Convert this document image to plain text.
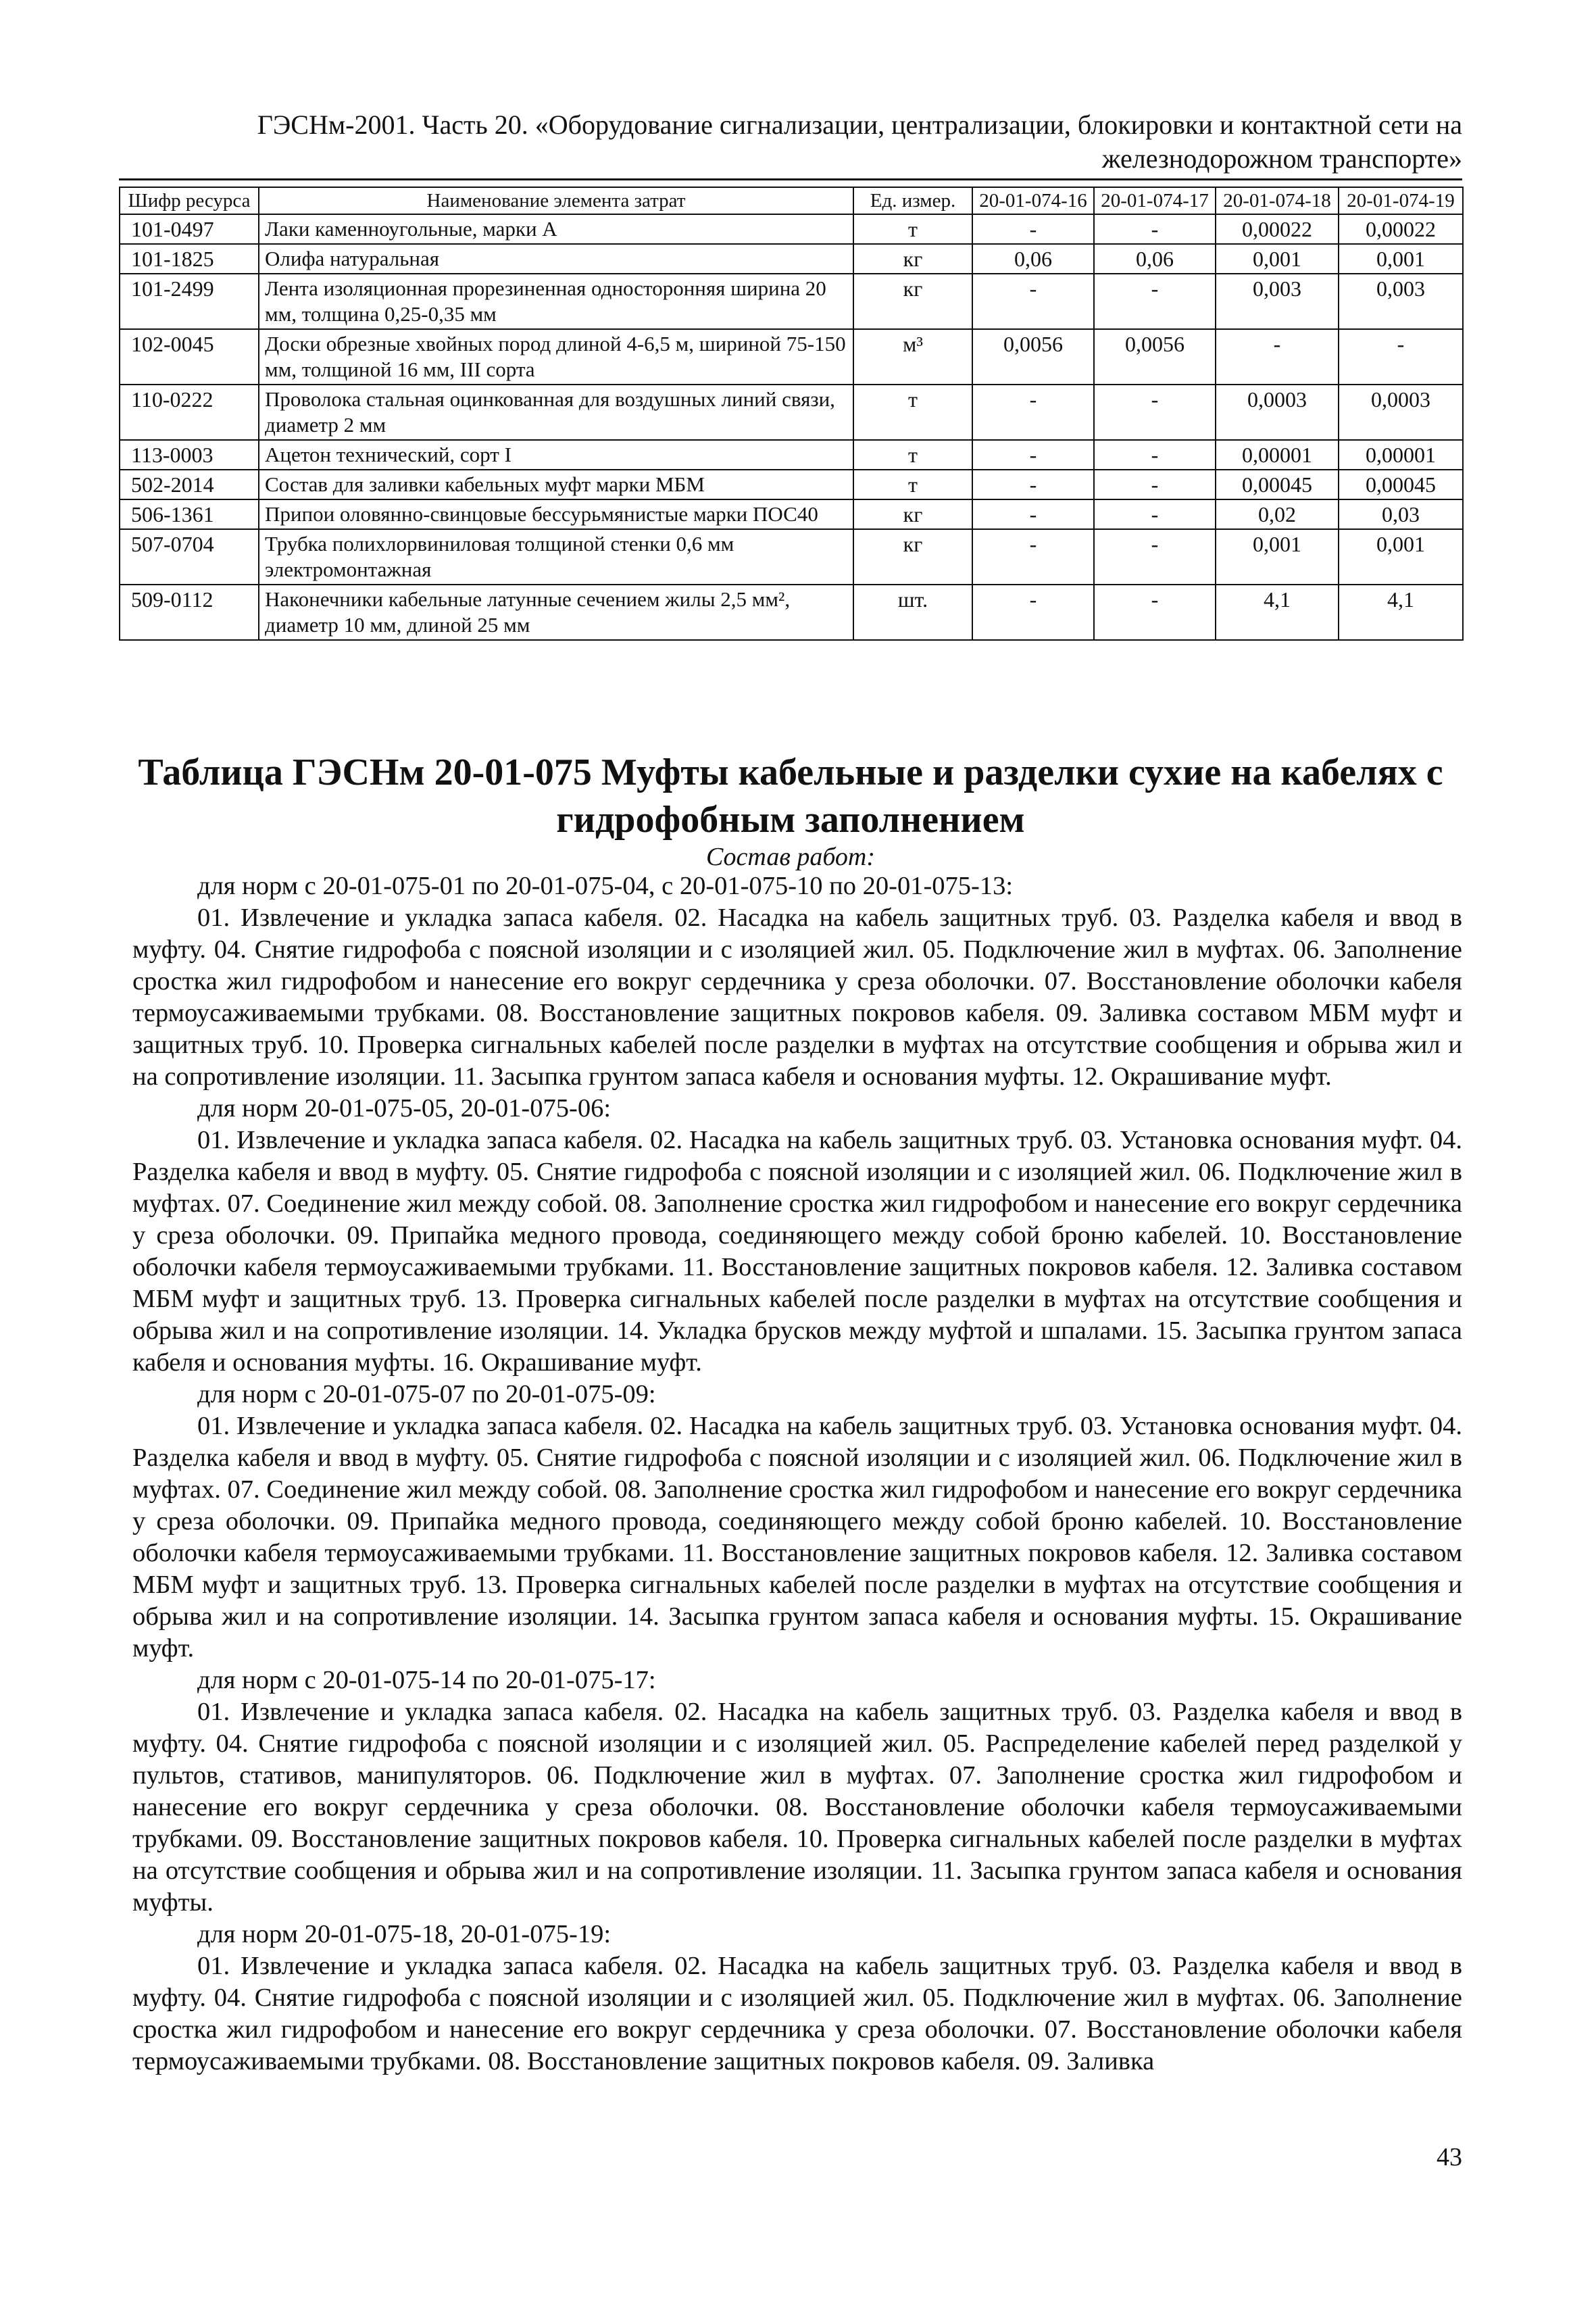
ГЭСНм-2001. Часть 20. «Оборудование сигнализации, централизации, блокировки и контактной сети на
железнодорожном транспорте»
Шифр ресурса	Наименование элемента затрат	Ед. измер.	20-01-074-16	20-01-074-17	20-01-074-18	20-01-074-19
101-0497	Лаки каменноугольные, марки А	т	-	-	0,00022	0,00022
101-1825	Олифа натуральная	кг	0,06	0,06	0,001	0,001
101-2499	Лента изоляционная прорезиненная односторонняя ширина 20 мм, толщина 0,25-0,35 мм	кг	-	-	0,003	0,003
102-0045	Доски обрезные хвойных пород длиной 4-6,5 м, шириной 75-150 мм, толщиной 16 мм, III сорта	м³	0,0056	0,0056	-	-
110-0222	Проволока стальная оцинкованная для воздушных линий связи, диаметр 2 мм	т	-	-	0,0003	0,0003
113-0003	Ацетон технический, сорт I	т	-	-	0,00001	0,00001
502-2014	Состав для заливки кабельных муфт марки МБМ	т	-	-	0,00045	0,00045
506-1361	Припои оловянно-свинцовые бессурьмянистые марки ПОС40	кг	-	-	0,02	0,03
507-0704	Трубка полихлорвиниловая толщиной стенки 0,6 мм электромонтажная	кг	-	-	0,001	0,001
509-0112	Наконечники кабельные латунные сечением жилы 2,5 мм², диаметр 10 мм, длиной 25 мм	шт.	-	-	4,1	4,1
Таблица ГЭСНм 20-01-075 Муфты кабельные и разделки сухие на кабелях с гидрофобным заполнением
Состав работ:

для норм с 20-01-075-01 по 20-01-075-04, с 20-01-075-10 по 20-01-075-13:

01. Извлечение и укладка запаса кабеля. 02. Насадка на кабель защитных труб. 03. Разделка кабеля и ввод в муфту. 04. Снятие гидрофоба с поясной изоляции и с изоляцией жил. 05. Подключение жил в муфтах. 06. Заполнение сростка жил гидрофобом и нанесение его вокруг сердечника у среза оболочки. 07. Восстановление оболочки кабеля термоусаживаемыми трубками. 08. Восстановление защитных покровов кабеля. 09. Заливка составом МБМ муфт и защитных труб. 10. Проверка сигнальных кабелей после разделки в муфтах на отсутствие сообщения и обрыва жил и на сопротивление изоляции. 11. Засыпка грунтом запаса кабеля и основания муфты. 12. Окрашивание муфт.

для норм 20-01-075-05, 20-01-075-06:

01. Извлечение и укладка запаса кабеля. 02. Насадка на кабель защитных труб. 03. Установка основания муфт. 04. Разделка кабеля и ввод в муфту. 05. Снятие гидрофоба с поясной изоляции и с изоляцией жил. 06. Подключение жил в муфтах. 07. Соединение жил между собой. 08. Заполнение сростка жил гидрофобом и нанесение его вокруг сердечника у среза оболочки. 09. Припайка медного провода, соединяющего между собой броню кабелей. 10. Восстановление оболочки кабеля термоусаживаемыми трубками. 11. Восстановление защитных покровов кабеля. 12. Заливка составом МБМ муфт и защитных труб. 13. Проверка сигнальных кабелей после разделки в муфтах на отсутствие сообщения и обрыва жил и на сопротивление изоляции. 14. Укладка брусков между муфтой и шпалами. 15. Засыпка грунтом запаса кабеля и основания муфты. 16. Окрашивание муфт.

для норм с 20-01-075-07 по 20-01-075-09:

01. Извлечение и укладка запаса кабеля. 02. Насадка на кабель защитных труб. 03. Установка основания муфт. 04. Разделка кабеля и ввод в муфту. 05. Снятие гидрофоба с поясной изоляции и с изоляцией жил. 06. Подключение жил в муфтах. 07. Соединение жил между собой. 08. Заполнение сростка жил гидрофобом и нанесение его вокруг сердечника у среза оболочки. 09. Припайка медного провода, соединяющего между собой броню кабелей. 10. Восстановление оболочки кабеля термоусаживаемыми трубками. 11. Восстановление защитных покровов кабеля. 12. Заливка составом МБМ муфт и защитных труб. 13. Проверка сигнальных кабелей после разделки в муфтах на отсутствие сообщения и обрыва жил и на сопротивление изоляции. 14. Засыпка грунтом запаса кабеля и основания муфты. 15. Окрашивание муфт.

для норм с 20-01-075-14 по 20-01-075-17:

01. Извлечение и укладка запаса кабеля. 02. Насадка на кабель защитных труб. 03. Разделка кабеля и ввод в муфту. 04. Снятие гидрофоба с поясной изоляции и с изоляцией жил. 05. Распределение кабелей перед разделкой у пультов, стативов, манипуляторов. 06. Подключение жил в муфтах. 07. Заполнение сростка жил гидрофобом и нанесение его вокруг сердечника у среза оболочки. 08. Восстановление оболочки кабеля термоусаживаемыми трубками. 09. Восстановление защитных покровов кабеля. 10. Проверка сигнальных кабелей после разделки в муфтах на отсутствие сообщения и обрыва жил и на сопротивление изоляции. 11. Засыпка грунтом запаса кабеля и основания муфты.

для норм 20-01-075-18, 20-01-075-19:

01. Извлечение и укладка запаса кабеля. 02. Насадка на кабель защитных труб. 03. Разделка кабеля и ввод в муфту. 04. Снятие гидрофоба с поясной изоляции и с изоляцией жил. 05. Подключение жил в муфтах. 06. Заполнение сростка жил гидрофобом и нанесение его вокруг сердечника у среза оболочки. 07. Восстановление оболочки кабеля термоусаживаемыми трубками. 08. Восстановление защитных покровов кабеля. 09. Заливка

43
